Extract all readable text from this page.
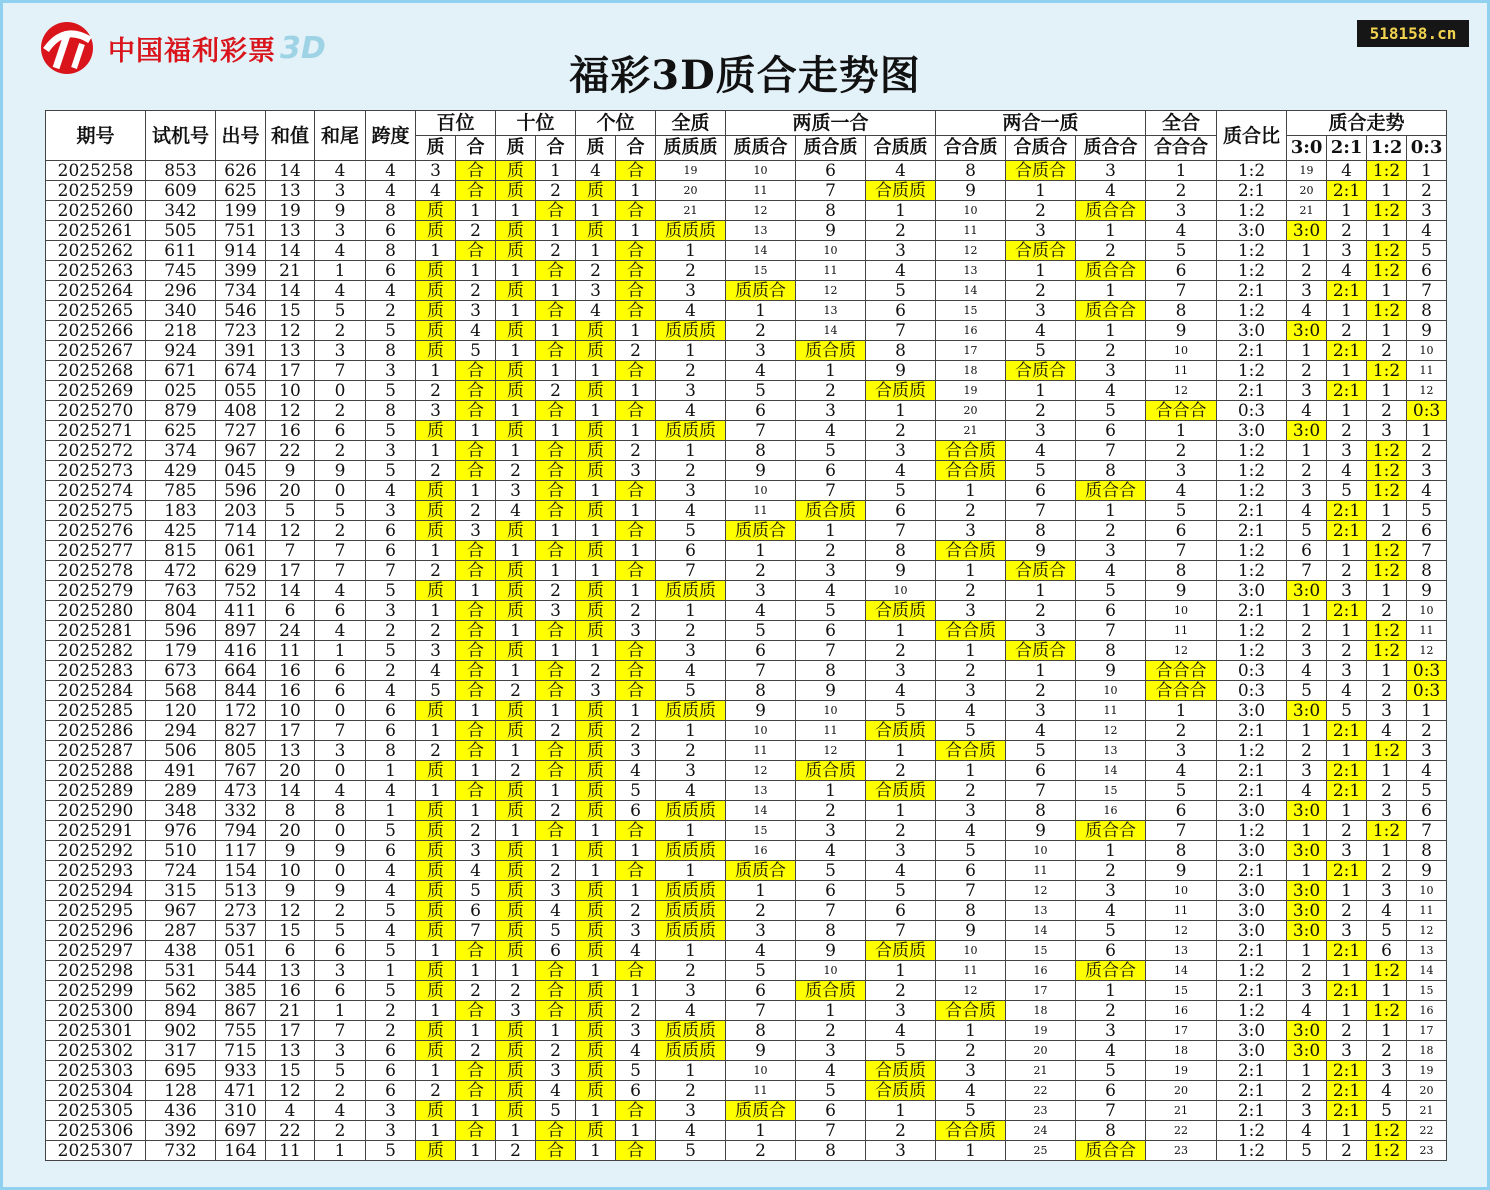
中国福利彩票 3D
福彩3D质合走势图
518158.cn
期号	试机号	出号	和值	和尾	跨度	百位		十位		个位		全质	两质一合			两合一质			全合	质合比	质合走势			
						质	合	质	合	质	合	质质质	质质合	质合质	合质质	合合质	合质合	质合合	合合合		3:0	2:1	1:2	0:3
2025258	853	626	14	4	4	3	合	质	1	4	合	19	10	6	4	8	合质合	3	1	1:2	19	4	1:2	1
2025259	609	625	13	3	4	4	合	质	2	质	1	20	11	7	合质质	9	1	4	2	2:1	20	2:1	1	2
2025260	342	199	19	9	8	质	1	1	合	1	合	21	12	8	1	10	2	质合合	3	1:2	21	1	1:2	3
2025261	505	751	13	3	6	质	2	质	1	质	1	质质质	13	9	2	11	3	1	4	3:0	3:0	2	1	4
2025262	611	914	14	4	8	1	合	质	2	1	合	1	14	10	3	12	合质合	2	5	1:2	1	3	1:2	5
2025263	745	399	21	1	6	质	1	1	合	2	合	2	15	11	4	13	1	质合合	6	1:2	2	4	1:2	6
2025264	296	734	14	4	4	质	2	质	1	3	合	3	质质合	12	5	14	2	1	7	2:1	3	2:1	1	7
2025265	340	546	15	5	2	质	3	1	合	4	合	4	1	13	6	15	3	质合合	8	1:2	4	1	1:2	8
2025266	218	723	12	2	5	质	4	质	1	质	1	质质质	2	14	7	16	4	1	9	3:0	3:0	2	1	9
2025267	924	391	13	3	8	质	5	1	合	质	2	1	3	质合质	8	17	5	2	10	2:1	1	2:1	2	10
2025268	671	674	17	7	3	1	合	质	1	1	合	2	4	1	9	18	合质合	3	11	1:2	2	1	1:2	11
2025269	025	055	10	0	5	2	合	质	2	质	1	3	5	2	合质质	19	1	4	12	2:1	3	2:1	1	12
2025270	879	408	12	2	8	3	合	1	合	1	合	4	6	3	1	20	2	5	合合合	0:3	4	1	2	0:3
2025271	625	727	16	6	5	质	1	质	1	质	1	质质质	7	4	2	21	3	6	1	3:0	3:0	2	3	1
2025272	374	967	22	2	3	1	合	1	合	质	2	1	8	5	3	合合质	4	7	2	1:2	1	3	1:2	2
2025273	429	045	9	9	5	2	合	2	合	质	3	2	9	6	4	合合质	5	8	3	1:2	2	4	1:2	3
2025274	785	596	20	0	4	质	1	3	合	1	合	3	10	7	5	1	6	质合合	4	1:2	3	5	1:2	4
2025275	183	203	5	5	3	质	2	4	合	质	1	4	11	质合质	6	2	7	1	5	2:1	4	2:1	1	5
2025276	425	714	12	2	6	质	3	质	1	1	合	5	质质合	1	7	3	8	2	6	2:1	5	2:1	2	6
2025277	815	061	7	7	6	1	合	1	合	质	1	6	1	2	8	合合质	9	3	7	1:2	6	1	1:2	7
2025278	472	629	17	7	7	2	合	质	1	1	合	7	2	3	9	1	合质合	4	8	1:2	7	2	1:2	8
2025279	763	752	14	4	5	质	1	质	2	质	1	质质质	3	4	10	2	1	5	9	3:0	3:0	3	1	9
2025280	804	411	6	6	3	1	合	质	3	质	2	1	4	5	合质质	3	2	6	10	2:1	1	2:1	2	10
2025281	596	897	24	4	2	2	合	1	合	质	3	2	5	6	1	合合质	3	7	11	1:2	2	1	1:2	11
2025282	179	416	11	1	5	3	合	质	1	1	合	3	6	7	2	1	合质合	8	12	1:2	3	2	1:2	12
2025283	673	664	16	6	2	4	合	1	合	2	合	4	7	8	3	2	1	9	合合合	0:3	4	3	1	0:3
2025284	568	844	16	6	4	5	合	2	合	3	合	5	8	9	4	3	2	10	合合合	0:3	5	4	2	0:3
2025285	120	172	10	0	6	质	1	质	1	质	1	质质质	9	10	5	4	3	11	1	3:0	3:0	5	3	1
2025286	294	827	17	7	6	1	合	质	2	质	2	1	10	11	合质质	5	4	12	2	2:1	1	2:1	4	2
2025287	506	805	13	3	8	2	合	1	合	质	3	2	11	12	1	合合质	5	13	3	1:2	2	1	1:2	3
2025288	491	767	20	0	1	质	1	2	合	质	4	3	12	质合质	2	1	6	14	4	2:1	3	2:1	1	4
2025289	289	473	14	4	4	1	合	质	1	质	5	4	13	1	合质质	2	7	15	5	2:1	4	2:1	2	5
2025290	348	332	8	8	1	质	1	质	2	质	6	质质质	14	2	1	3	8	16	6	3:0	3:0	1	3	6
2025291	976	794	20	0	5	质	2	1	合	1	合	1	15	3	2	4	9	质合合	7	1:2	1	2	1:2	7
2025292	510	117	9	9	6	质	3	质	1	质	1	质质质	16	4	3	5	10	1	8	3:0	3:0	3	1	8
2025293	724	154	10	0	4	质	4	质	2	1	合	1	质质合	5	4	6	11	2	9	2:1	1	2:1	2	9
2025294	315	513	9	9	4	质	5	质	3	质	1	质质质	1	6	5	7	12	3	10	3:0	3:0	1	3	10
2025295	967	273	12	2	5	质	6	质	4	质	2	质质质	2	7	6	8	13	4	11	3:0	3:0	2	4	11
2025296	287	537	15	5	4	质	7	质	5	质	3	质质质	3	8	7	9	14	5	12	3:0	3:0	3	5	12
2025297	438	051	6	6	5	1	合	质	6	质	4	1	4	9	合质质	10	15	6	13	2:1	1	2:1	6	13
2025298	531	544	13	3	1	质	1	1	合	1	合	2	5	10	1	11	16	质合合	14	1:2	2	1	1:2	14
2025299	562	385	16	6	5	质	2	2	合	质	1	3	6	质合质	2	12	17	1	15	2:1	3	2:1	1	15
2025300	894	867	21	1	2	1	合	3	合	质	2	4	7	1	3	合合质	18	2	16	1:2	4	1	1:2	16
2025301	902	755	17	7	2	质	1	质	1	质	3	质质质	8	2	4	1	19	3	17	3:0	3:0	2	1	17
2025302	317	715	13	3	6	质	2	质	2	质	4	质质质	9	3	5	2	20	4	18	3:0	3:0	3	2	18
2025303	695	933	15	5	6	1	合	质	3	质	5	1	10	4	合质质	3	21	5	19	2:1	1	2:1	3	19
2025304	128	471	12	2	6	2	合	质	4	质	6	2	11	5	合质质	4	22	6	20	2:1	2	2:1	4	20
2025305	436	310	4	4	3	质	1	质	5	1	合	3	质质合	6	1	5	23	7	21	2:1	3	2:1	5	21
2025306	392	697	22	2	3	1	合	1	合	质	1	4	1	7	2	合合质	24	8	22	1:2	4	1	1:2	22
2025307	732	164	11	1	5	质	1	2	合	1	合	5	2	8	3	1	25	质合合	23	1:2	5	2	1:2	23
